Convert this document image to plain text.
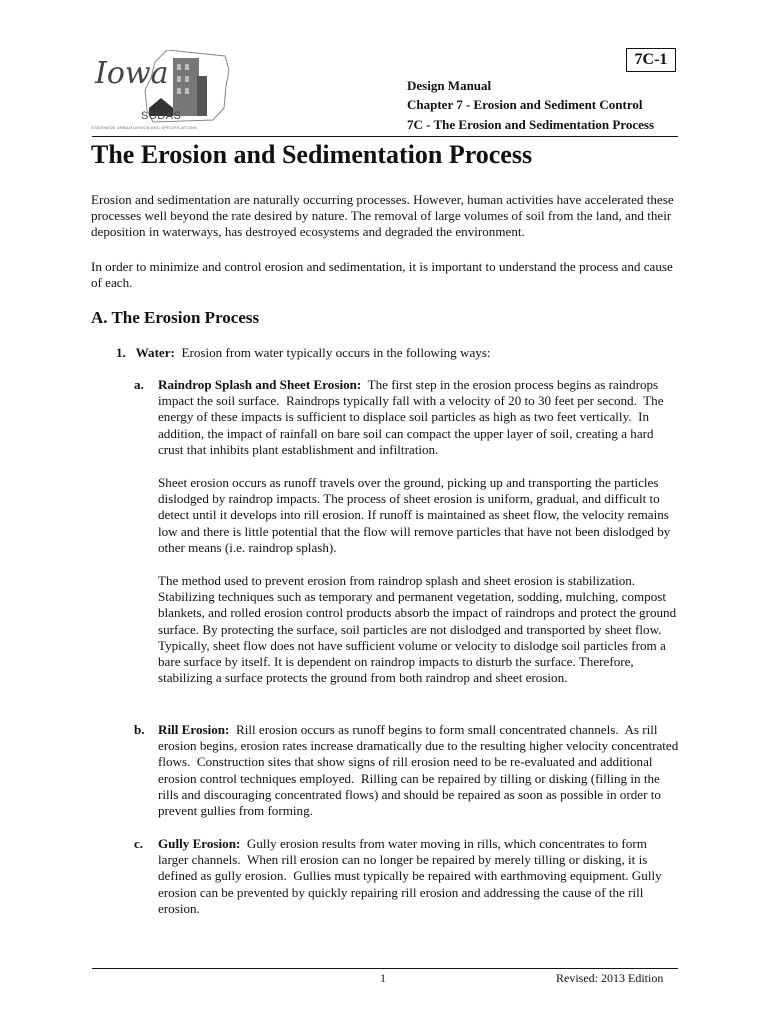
Iowa
SUDAS
STATEWIDE URBAN DESIGN AND SPECIFICATIONS
7C-1
Design Manual
Chapter 7 - Erosion and Sediment Control
7C - The Erosion and Sedimentation Process
The Erosion and Sedimentation Process

Erosion and sedimentation are naturally occurring processes. However, human activities have accelerated these processes well beyond the rate desired by nature. The removal of large volumes of soil from the land, and their deposition in waterways, has destroyed ecosystems and degraded the environment.

In order to minimize and control erosion and sedimentation, it is important to understand the process and cause of each.

A. The Erosion Process
1. Water:  Erosion from water typically occurs in the following ways:
a. Raindrop Splash and Sheet Erosion:  The first step in the erosion process begins as raindrops impact the soil surface.  Raindrops typically fall with a velocity of 20 to 30 feet per second.  The energy of these impacts is sufficient to displace soil particles as high as two feet vertically.  In addition, the impact of rainfall on bare soil can compact the upper layer of soil, creating a hard crust that inhibits plant establishment and infiltration.

Sheet erosion occurs as runoff travels over the ground, picking up and transporting the particles dislodged by raindrop impacts. The process of sheet erosion is uniform, gradual, and difficult to detect until it develops into rill erosion. If runoff is maintained as sheet flow, the velocity remains low and there is little potential that the flow will remove particles that have not been dislodged by other means (i.e. raindrop splash).

The method used to prevent erosion from raindrop splash and sheet erosion is stabilization. Stabilizing techniques such as temporary and permanent vegetation, sodding, mulching, compost blankets, and rolled erosion control products absorb the impact of raindrops and protect the ground surface. By protecting the surface, soil particles are not dislodged and transported by sheet flow. Typically, sheet flow does not have sufficient volume or velocity to dislodge soil particles from a bare surface by itself. It is dependent on raindrop impacts to disturb the surface. Therefore, stabilizing a surface protects the ground from both raindrop and sheet erosion.

b. Rill Erosion:  Rill erosion occurs as runoff begins to form small concentrated channels.  As rill erosion begins, erosion rates increase dramatically due to the resulting higher velocity concentrated flows.  Construction sites that show signs of rill erosion need to be re-evaluated and additional erosion control techniques employed.  Rilling can be repaired by tilling or disking (filling in the rills and discouraging concentrated flows) and should be repaired as soon as possible in order to prevent gullies from forming.

c. Gully Erosion:  Gully erosion results from water moving in rills, which concentrates to form larger channels.  When rill erosion can no longer be repaired by merely tilling or disking, it is defined as gully erosion.  Gullies must typically be repaired with earthmoving equipment. Gully erosion can be prevented by quickly repairing rill erosion and addressing the cause of the rill erosion.

1	Revised: 2013 Edition
